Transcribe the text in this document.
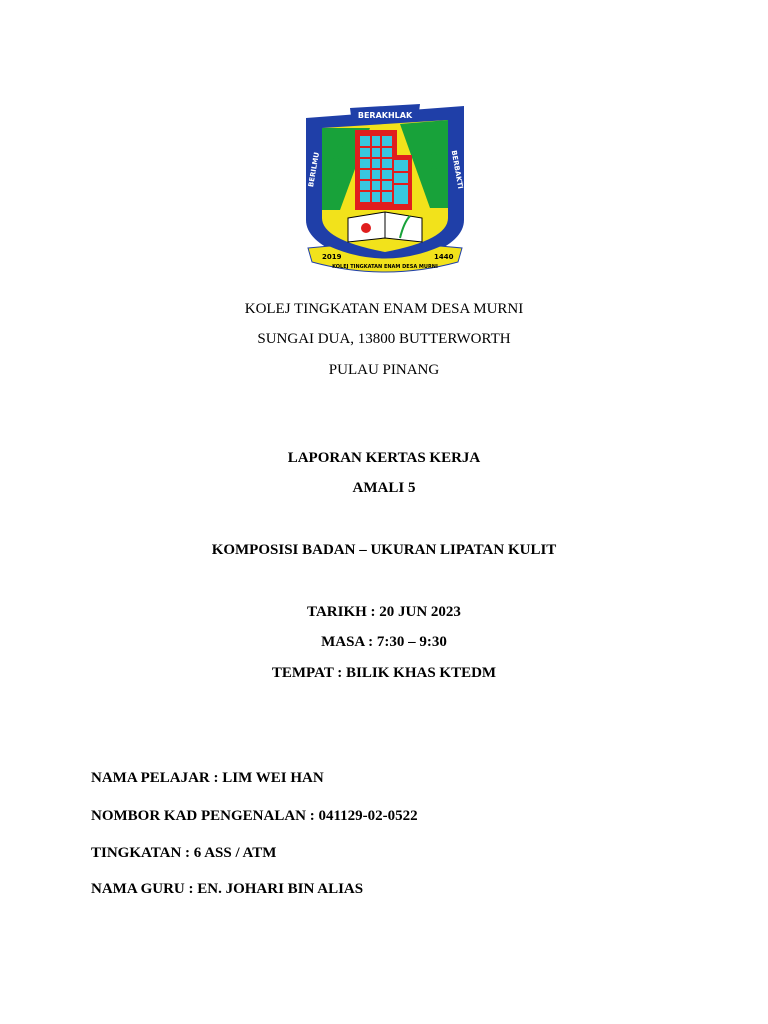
BERAKHLAK
BERILMU	BERBAKTI
2019	1440
KOLEJ TINGKATAN ENAM DESA MURNI
KOLEJ TINGKATAN ENAM DESA MURNI
SUNGAI DUA, 13800 BUTTERWORTH
PULAU PINANG
LAPORAN KERTAS KERJA
AMALI 5
KOMPOSISI BADAN – UKURAN LIPATAN KULIT
TARIKH : 20 JUN 2023
MASA : 7:30 – 9:30
TEMPAT : BILIK KHAS KTEDM
NAMA PELAJAR : LIM WEI HAN
NOMBOR KAD PENGENALAN : 041129-02-0522
TINGKATAN : 6 ASS / ATM
NAMA GURU : EN. JOHARI BIN ALIAS
